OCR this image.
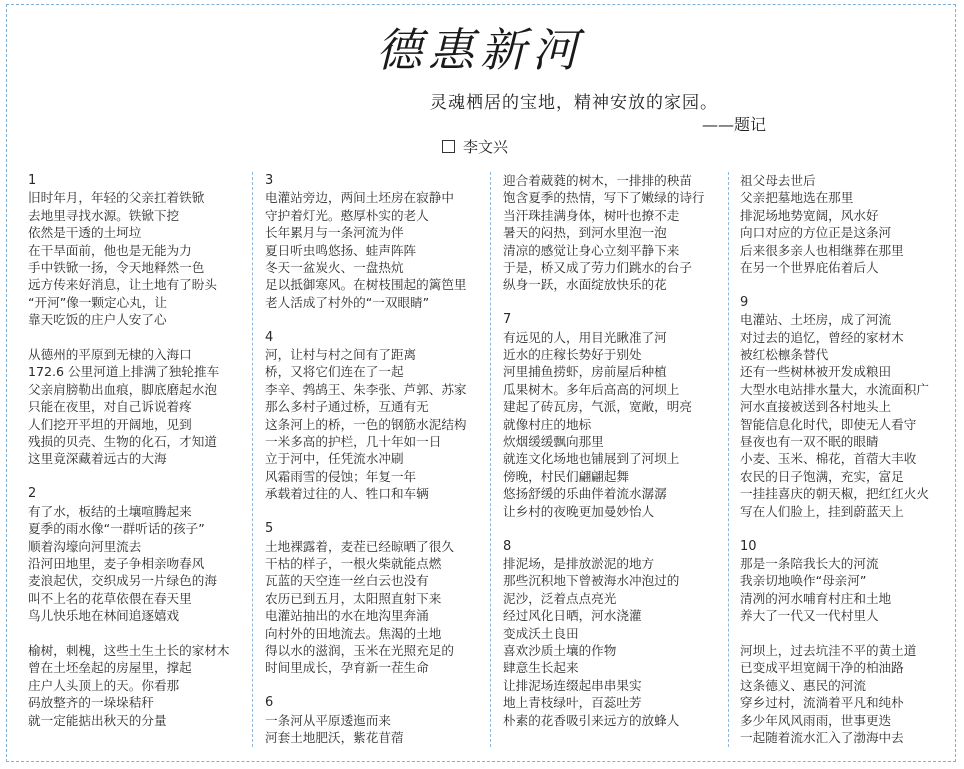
德惠新河
灵魂栖居的宝地，精神安放的家园。
——题记
李文兴
1
旧时年月，年轻的父亲扛着铁锨
去地里寻找水源。铁锨下挖
依然是干透的土坷垃
在干旱面前，他也是无能为力
手中铁锨一扬，令天地释然一色
远方传来好消息，让土地有了盼头
“开河”像一颗定心丸，让
靠天吃饭的庄户人安了心
从德州的平原到无棣的入海口
172.6 公里河道上排满了独轮推车
父亲肩膀勒出血痕，脚底磨起水泡
只能在夜里，对自己诉说着疼
人们挖开平坦的开阔地，见到
残损的贝壳、生物的化石，才知道
这里竟深藏着远古的大海
2
有了水，板结的土壤喧腾起来
夏季的雨水像“一群听话的孩子”
顺着沟壕向河里流去
沿河田地里，麦子争相亲吻春风
麦浪起伏，交织成另一片绿色的海
叫不上名的花草依偎在春天里
鸟儿快乐地在林间追逐嬉戏
榆树，刺槐，这些土生土长的家材木
曾在土坯垒起的房屋里，撑起
庄户人头顶上的天。你看那
码放整齐的一垛垛秸秆
就一定能掂出秋天的分量
3
电灌站旁边，两间土坯房在寂静中
守护着灯光。憨厚朴实的老人
长年累月与一条河流为伴
夏日听虫鸣悠扬、蛙声阵阵
冬天一盆炭火、一盘热炕
足以抵御寒风。在树枝围起的篱笆里
老人活成了村外的“一双眼睛”
4
河，让村与村之间有了距离
桥，又将它们连在了一起
李辛、鹁鸪王、朱李张、芦郭、苏家
那么多村子通过桥，互通有无
这条河上的桥，一色的钢筋水泥结构
一米多高的护栏，几十年如一日
立于河中，任凭流水冲刷
风霜雨雪的侵蚀；年复一年
承载着过往的人、牲口和车辆
5
土地裸露着，麦茬已经晾晒了很久
干枯的样子，一根火柴就能点燃
瓦蓝的天空连一丝白云也没有
农历已到五月，太阳照直射下来
电灌站抽出的水在地沟里奔涌
向村外的田地流去。焦渴的土地
得以水的滋润，玉米在光照充足的
时间里成长，孕育新一茬生命
6
一条河从平原逶迤而来
河套土地肥沃，紫花苜蓿
迎合着葳蕤的树木，一排排的秧苗
饱含夏季的热情，写下了嫩绿的诗行
当汗珠挂满身体，树叶也撩不走
暑天的闷热，到河水里泡一泡
清凉的感觉让身心立刻平静下来
于是，桥又成了劳力们跳水的台子
纵身一跃，水面绽放快乐的花
7
有远见的人，用目光瞅准了河
近水的庄稼长势好于别处
河里捕鱼捞虾，房前屋后种植
瓜果树木。多年后高高的河坝上
建起了砖瓦房，气派，宽敞，明亮
就像村庄的地标
炊烟缓缓飘向那里
就连文化场地也铺展到了河坝上
傍晚，村民们翩翩起舞
悠扬舒缓的乐曲伴着流水潺潺
让乡村的夜晚更加曼妙怡人
8
排泥场，是排放淤泥的地方
那些沉积地下曾被海水冲泡过的
泥沙，泛着点点亮光
经过风化日晒，河水浇灌
变成沃土良田
喜欢沙质土壤的作物
肆意生长起来
让排泥场连缀起串串果实
地上青枝绿叶，百蕊吐芳
朴素的花香吸引来远方的放蜂人
祖父母去世后
父亲把墓地选在那里
排泥场地势宽阔，风水好
向口对应的方位正是这条河
后来很多亲人也相继葬在那里
在另一个世界庇佑着后人
9
电灌站、土坯房，成了河流
对过去的追忆，曾经的家材木
被红松檩条替代
还有一些树林被开发成粮田
大型水电站排水量大，水流面积广
河水直接被送到各村地头上
智能信息化时代，即使无人看守
昼夜也有一双不眠的眼睛
小麦、玉米、棉花，首蓿大丰收
农民的日子饱满，充实，富足
一挂挂喜庆的朝天椒，把红红火火
写在人们脸上，挂到蔚蓝天上
10
那是一条陪我长大的河流
我亲切地唤作“母亲河”
清冽的河水哺育村庄和土地
养大了一代又一代村里人
河坝上，过去坑洼不平的黄土道
已变成平坦宽阔干净的柏油路
这条德义、惠民的河流
穿乡过村，流淌着平凡和纯朴
多少年风风雨雨，世事更迭
一起随着流水汇入了渤海中去
